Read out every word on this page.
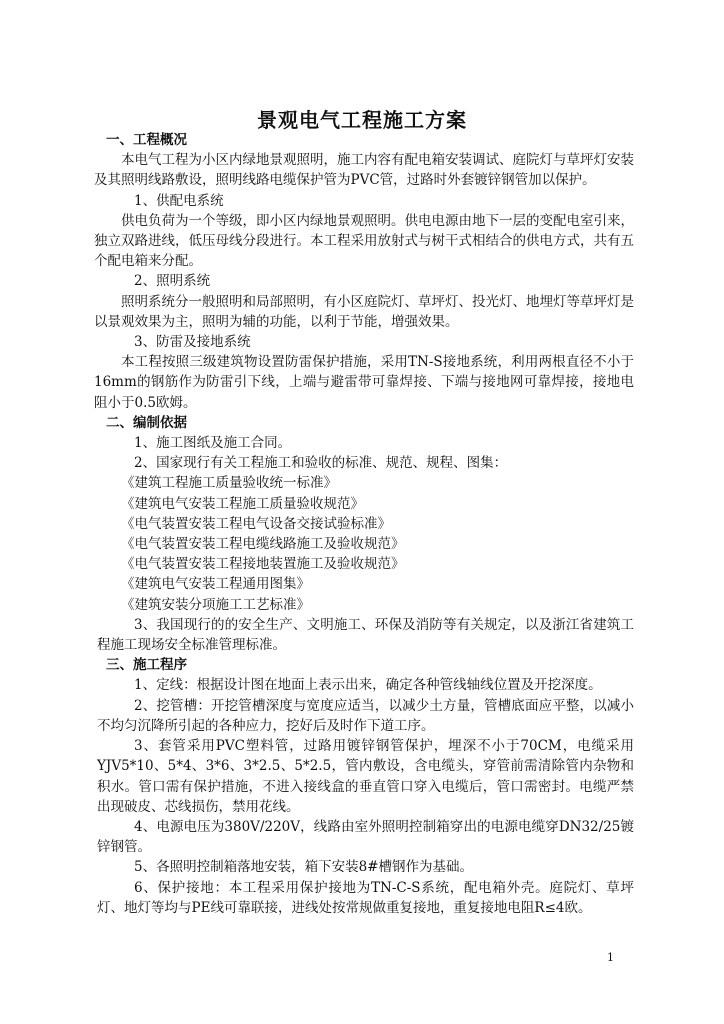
景观电气工程施工方案

一、工程概况

本电气工程为小区内绿地景观照明，施工内容有配电箱安装调试、庭院灯与草坪灯安装及其照明线路敷设，照明线路电缆保护管为PVC管，过路时外套镀锌钢管加以保护。

1、供配电系统

供电负荷为一个等级，即小区内绿地景观照明。供电电源由地下一层的变配电室引来，独立双路进线，低压母线分段进行。本工程采用放射式与树干式相结合的供电方式，共有五个配电箱来分配。

2、照明系统

照明系统分一般照明和局部照明，有小区庭院灯、草坪灯、投光灯、地埋灯等草坪灯是以景观效果为主，照明为辅的功能，以利于节能，增强效果。

3、防雷及接地系统

本工程按照三级建筑物设置防雷保护措施，采用TN-S接地系统，利用两根直径不小于16mm的钢筋作为防雷引下线，上端与避雷带可靠焊接、下端与接地网可靠焊接，接地电阻小于0.5欧姆。

二、编制依据

1、施工图纸及施工合同。

2、国家现行有关工程施工和验收的标准、规范、规程、图集：

《建筑工程施工质量验收统一标准》

《建筑电气安装工程施工质量验收规范》

《电气装置安装工程电气设备交接试验标准》

《电气装置安装工程电缆线路施工及验收规范》

《电气装置安装工程接地装置施工及验收规范》

《建筑电气安装工程通用图集》

《建筑安装分项施工工艺标准》

3、我国现行的的安全生产、文明施工、环保及消防等有关规定，以及浙江省建筑工程施工现场安全标准管理标准。

三、施工程序

1、定线：根据设计图在地面上表示出来，确定各种管线轴线位置及开挖深度。

2、挖管槽：开挖管槽深度与宽度应适当，以减少土方量，管槽底面应平整，以减小不均匀沉降所引起的各种应力，挖好后及时作下道工序。

3、套管采用PVC塑料管，过路用镀锌钢管保护，埋深不小于70CM，电缆采用 YJV5*10、5*4、3*6、3*2.5、5*2.5，管内敷设，含电缆头，穿管前需清除管内杂物和积水。管口需有保护措施，不进入接线盒的垂直管口穿入电缆后，管口需密封。电缆严禁出现破皮、芯线损伤，禁用花线。

4、电源电压为380V/220V，线路由室外照明控制箱穿出的电源电缆穿DN32/25镀锌钢管。

5、各照明控制箱落地安装，箱下安装8#槽钢作为基础。

6、保护接地：本工程采用保护接地为TN-C-S系统，配电箱外壳。庭院灯、草坪灯、地灯等均与PE线可靠联接，进线处按常规做重复接地，重复接地电阻R≤4欧。

1
